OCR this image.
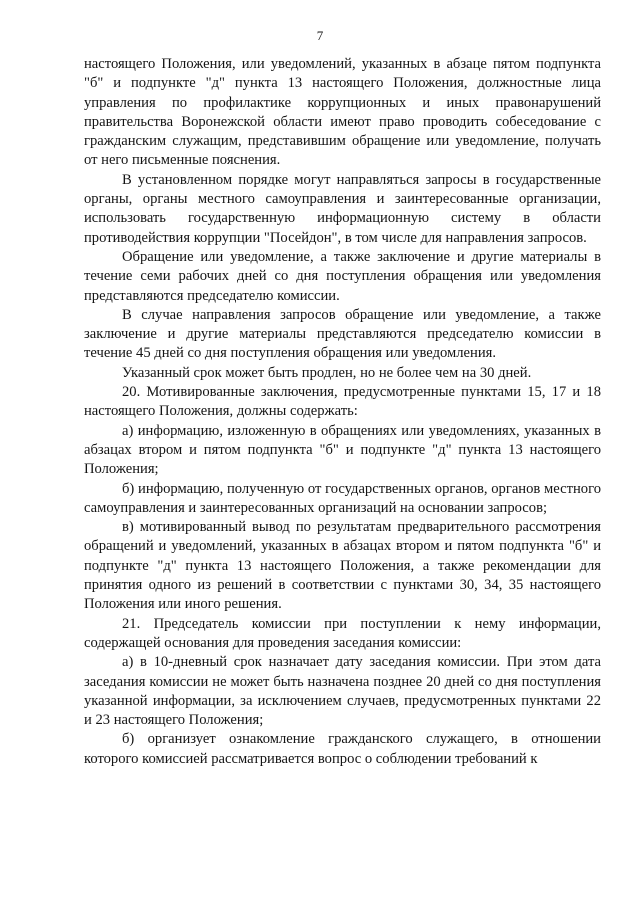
7

настоящего Положения, или уведомлений, указанных в абзаце пятом подпункта "б" и подпункте "д" пункта 13 настоящего Положения, должностные лица управления по профилактике коррупционных и иных правонарушений правительства Воронежской области имеют право проводить собеседование с гражданским служащим, представившим обращение или уведомление, получать от него письменные пояснения.

В установленном порядке могут направляться запросы в государственные органы, органы местного самоуправления и заинтересованные организации, использовать государственную информационную систему в области противодействия коррупции "Посейдон", в том числе для направления запросов.

Обращение или уведомление, а также заключение и другие материалы в течение семи рабочих дней со дня поступления обращения или уведомления представляются председателю комиссии.

В случае направления запросов обращение или уведомление, а также заключение и другие материалы представляются председателю комиссии в течение 45 дней со дня поступления обращения или уведомления.

Указанный срок может быть продлен, но не более чем на 30 дней.

20. Мотивированные заключения, предусмотренные пунктами 15, 17 и 18 настоящего Положения, должны содержать:

а) информацию, изложенную в обращениях или уведомлениях, указанных в абзацах втором и пятом подпункта "б" и подпункте "д" пункта 13 настоящего Положения;

б) информацию, полученную от государственных органов, органов местного самоуправления и заинтересованных организаций на основании запросов;

в) мотивированный вывод по результатам предварительного рассмотрения обращений и уведомлений, указанных в абзацах втором и пятом подпункта "б" и подпункте "д" пункта 13 настоящего Положения, а также рекомендации для принятия одного из решений в соответствии с пунктами 30, 34, 35 настоящего Положения или иного решения.

21. Председатель комиссии при поступлении к нему информации, содержащей основания для проведения заседания комиссии:

а) в 10-дневный срок назначает дату заседания комиссии. При этом дата заседания комиссии не может быть назначена позднее 20 дней со дня поступления указанной информации, за исключением случаев, предусмотренных пунктами 22 и 23 настоящего Положения;

б) организует ознакомление гражданского служащего, в отношении которого комиссией рассматривается вопрос о соблюдении требований к
